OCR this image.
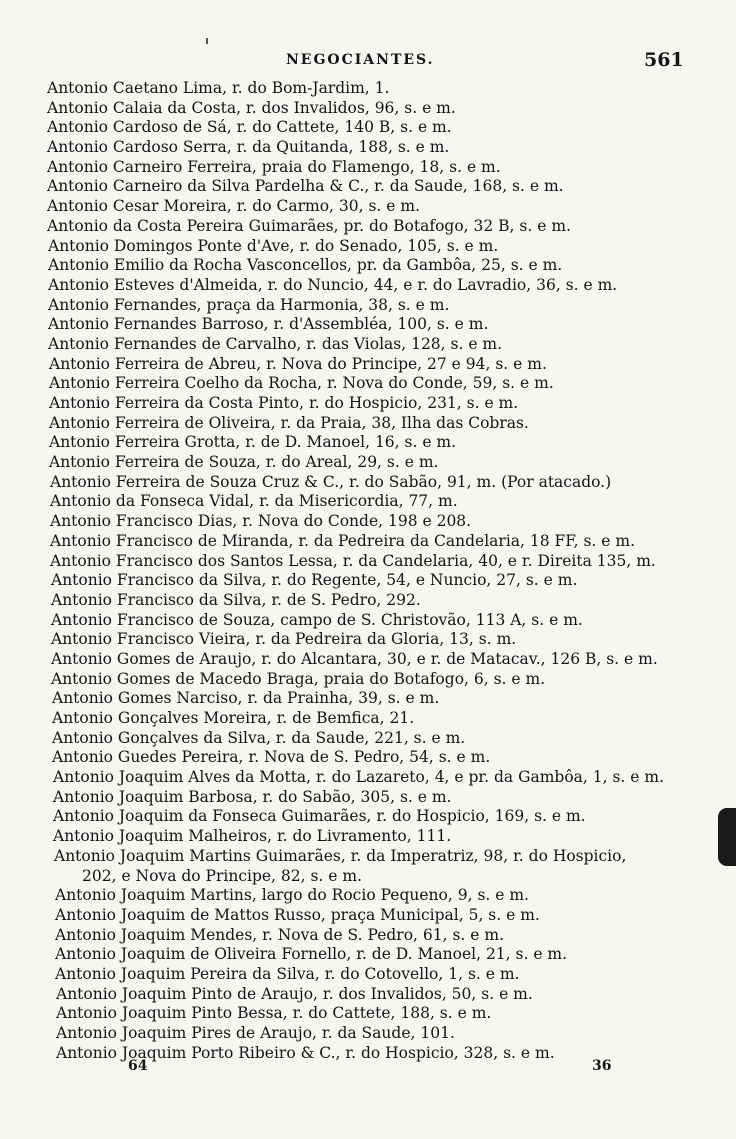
NEGOCIANTES.	561
Antonio Caetano Lima, r. do Bom-Jardim, 1.
Antonio Calaia da Costa, r. dos Invalidos, 96, s. e m.
Antonio Cardoso de Sá, r. do Cattete, 140 B, s. e m.
Antonio Cardoso Serra, r. da Quitanda, 188, s. e m.
Antonio Carneiro Ferreira, praia do Flamengo, 18, s. e m.
Antonio Carneiro da Silva Pardelha & C., r. da Saude, 168, s. e m.
Antonio Cesar Moreira, r. do Carmo, 30, s. e m.
Antonio da Costa Pereira Guimarães, pr. do Botafogo, 32 B, s. e m.
Antonio Domingos Ponte d'Ave, r. do Senado, 105, s. e m.
Antonio Emilio da Rocha Vasconcellos, pr. da Gambôa, 25, s. e m.
Antonio Esteves d'Almeida, r. do Nuncio, 44, e r. do Lavradio, 36, s. e m.
Antonio Fernandes, praça da Harmonia, 38, s. e m.
Antonio Fernandes Barroso, r. d'Assembléa, 100, s. e m.
Antonio Fernandes de Carvalho, r. das Violas, 128, s. e m.
Antonio Ferreira de Abreu, r. Nova do Principe, 27 e 94, s. e m.
Antonio Ferreira Coelho da Rocha, r. Nova do Conde, 59, s. e m.
Antonio Ferreira da Costa Pinto, r. do Hospicio, 231, s. e m.
Antonio Ferreira de Oliveira, r. da Praia, 38, Ilha das Cobras.
Antonio Ferreira Grotta, r. de D. Manoel, 16, s. e m.
Antonio Ferreira de Souza, r. do Areal, 29, s. e m.
Antonio Ferreira de Souza Cruz & C., r. do Sabão, 91, m. (Por atacado.)
Antonio da Fonseca Vidal, r. da Misericordia, 77, m.
Antonio Francisco Dias, r. Nova do Conde, 198 e 208.
Antonio Francisco de Miranda, r. da Pedreira da Candelaria, 18 FF, s. e m.
Antonio Francisco dos Santos Lessa, r. da Candelaria, 40, e r. Direita 135, m.
Antonio Francisco da Silva, r. do Regente, 54, e Nuncio, 27, s. e m.
Antonio Francisco da Silva, r. de S. Pedro, 292.
Antonio Francisco de Souza, campo de S. Christovão, 113 A, s. e m.
Antonio Francisco Vieira, r. da Pedreira da Gloria, 13, s. m.
Antonio Gomes de Araujo, r. do Alcantara, 30, e r. de Matacav., 126 B, s. e m.
Antonio Gomes de Macedo Braga, praia do Botafogo, 6, s. e m.
Antonio Gomes Narciso, r. da Prainha, 39, s. e m.
Antonio Gonçalves Moreira, r. de Bemfica, 21.
Antonio Gonçalves da Silva, r. da Saude, 221, s. e m.
Antonio Guedes Pereira, r. Nova de S. Pedro, 54, s. e m.
Antonio Joaquim Alves da Motta, r. do Lazareto, 4, e pr. da Gambôa, 1, s. e m.
Antonio Joaquim Barbosa, r. do Sabão, 305, s. e m.
Antonio Joaquim da Fonseca Guimarães, r. do Hospicio, 169, s. e m.
Antonio Joaquim Malheiros, r. do Livramento, 111.
Antonio Joaquim Martins Guimarães, r. da Imperatriz, 98, r. do Hospicio,
202, e Nova do Principe, 82, s. e m.
Antonio Joaquim Martins, largo do Rocio Pequeno, 9, s. e m.
Antonio Joaquim de Mattos Russo, praça Municipal, 5, s. e m.
Antonio Joaquim Mendes, r. Nova de S. Pedro, 61, s. e m.
Antonio Joaquim de Oliveira Fornello, r. de D. Manoel, 21, s. e m.
Antonio Joaquim Pereira da Silva, r. do Cotovello, 1, s. e m.
Antonio Joaquim Pinto de Araujo, r. dos Invalidos, 50, s. e m.
Antonio Joaquim Pinto Bessa, r. do Cattete, 188, s. e m.
Antonio Joaquim Pires de Araujo, r. da Saude, 101.
Antonio Joaquim Porto Ribeiro & C., r. do Hospicio, 328, s. e m.
64	36
